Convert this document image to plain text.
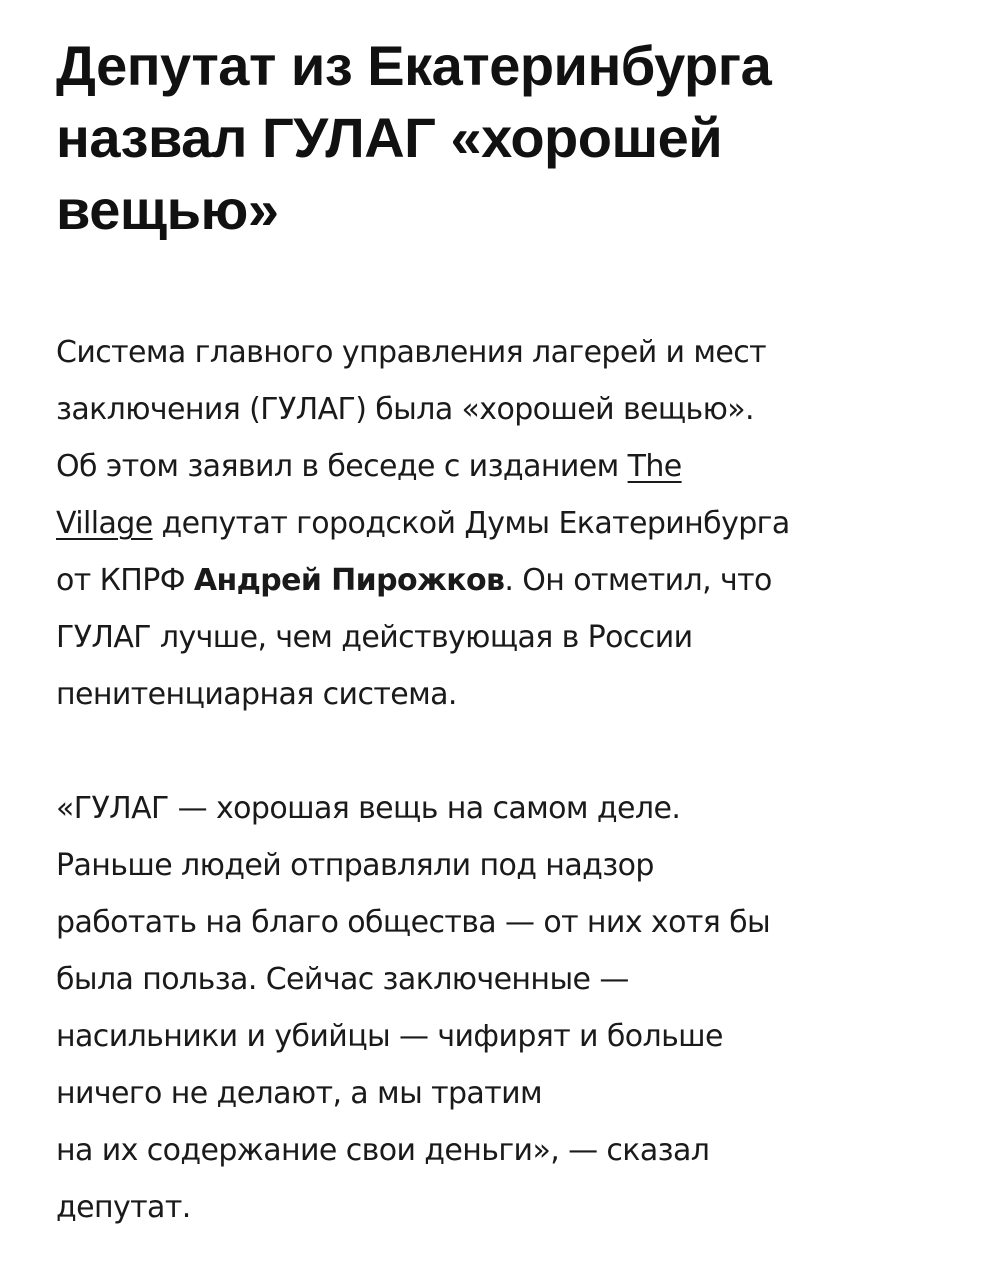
Депутат из Екатеринбурга
назвал ГУЛАГ «хорошей
вещью»

Система главного управления лагерей и мест
заключения (ГУЛАГ) была «хорошей вещью».
Об этом заявил в беседе с изданием The
Village депутат городской Думы Екатеринбурга
от КПРФ Андрей Пирожков. Он отметил, что
ГУЛАГ лучше, чем действующая в России
пенитенциарная система.

«ГУЛАГ — хорошая вещь на самом деле.
Раньше людей отправляли под надзор
работать на благо общества — от них хотя бы
была польза. Сейчас заключенные —
насильники и убийцы — чифирят и больше
ничего не делают, а мы тратим
на их содержание свои деньги», — сказал
депутат.
